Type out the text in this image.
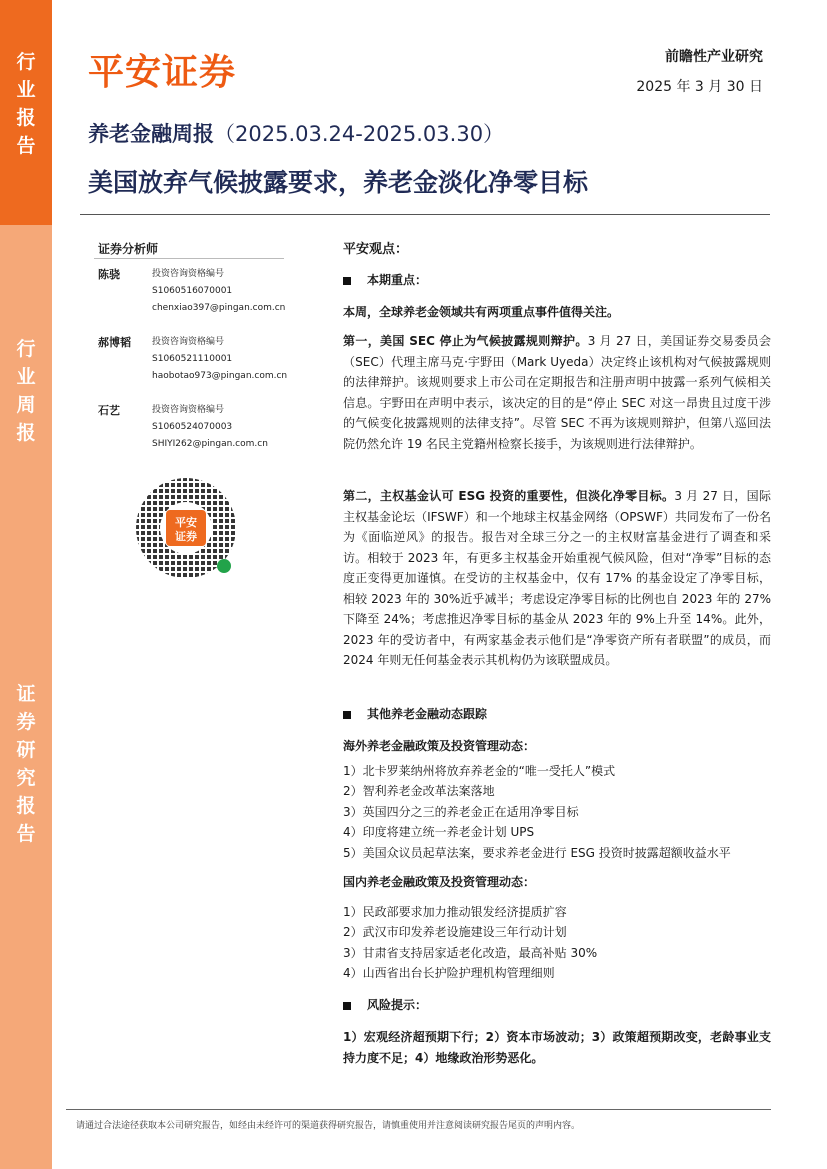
行
业
报
告
行
业
周
报
证
券
研
究
报
告
平安证券	前瞻性产业研究
2025 年 3 月 30 日
养老金融周报（2025.03.24-2025.03.30）
美国放弃气候披露要求，养老金淡化净零目标
证券分析师
陈骁	投资咨询资格编号
S1060516070001
chenxiao397@pingan.com.cn
郝博韬	投资咨询资格编号
S1060521110001
haobotao973@pingan.com.cn
石艺	投资咨询资格编号
S1060524070003
SHIYI262@pingan.com.cn
平安
证券
平安观点：
本期重点：
本周，全球养老金领域共有两项重点事件值得关注。
第一，美国 SEC 停止为气候披露规则辩护。3 月 27 日，美国证券交易委员会（SEC）代理主席马克·宇野田（Mark Uyeda）决定终止该机构对气候披露规则的法律辩护。该规则要求上市公司在定期报告和注册声明中披露一系列气候相关信息。宇野田在声明中表示，该决定的目的是“停止 SEC 对这一昂贵且过度干涉的气候变化披露规则的法律支持”。尽管 SEC 不再为该规则辩护，但第八巡回法院仍然允许 19 名民主党籍州检察长接手，为该规则进行法律辩护。
第二，主权基金认可 ESG 投资的重要性，但淡化净零目标。3 月 27 日，国际主权基金论坛（IFSWF）和一个地球主权基金网络（OPSWF）共同发布了一份名为《面临逆风》的报告。报告对全球三分之一的主权财富基金进行了调查和采访。相较于 2023 年，有更多主权基金开始重视气候风险，但对“净零”目标的态度正变得更加谨慎。在受访的主权基金中，仅有 17% 的基金设定了净零目标，相较 2023 年的 30%近乎减半；考虑设定净零目标的比例也自 2023 年的 27%下降至 24%；考虑推迟净零目标的基金从 2023 年的 9%上升至 14%。此外，2023 年的受访者中，有两家基金表示他们是“净零资产所有者联盟”的成员，而 2024 年则无任何基金表示其机构仍为该联盟成员。
其他养老金融动态跟踪
海外养老金融政策及投资管理动态：
1）北卡罗莱纳州将放弃养老金的“唯一受托人”模式
2）智利养老金改革法案落地
3）英国四分之三的养老金正在适用净零目标
4）印度将建立统一养老金计划 UPS
5）美国众议员起草法案，要求养老金进行 ESG 投资时披露超额收益水平
国内养老金融政策及投资管理动态：
1）民政部要求加力推动银发经济提质扩容
2）武汉市印发养老设施建设三年行动计划
3）甘肃省支持居家适老化改造，最高补贴 30%
4）山西省出台长护险护理机构管理细则
风险提示：
1）宏观经济超预期下行；2）资本市场波动；3）政策超预期改变，老龄事业支持力度不足；4）地缘政治形势恶化。
请通过合法途径获取本公司研究报告，如经由未经许可的渠道获得研究报告，请慎重使用并注意阅读研究报告尾页的声明内容。
